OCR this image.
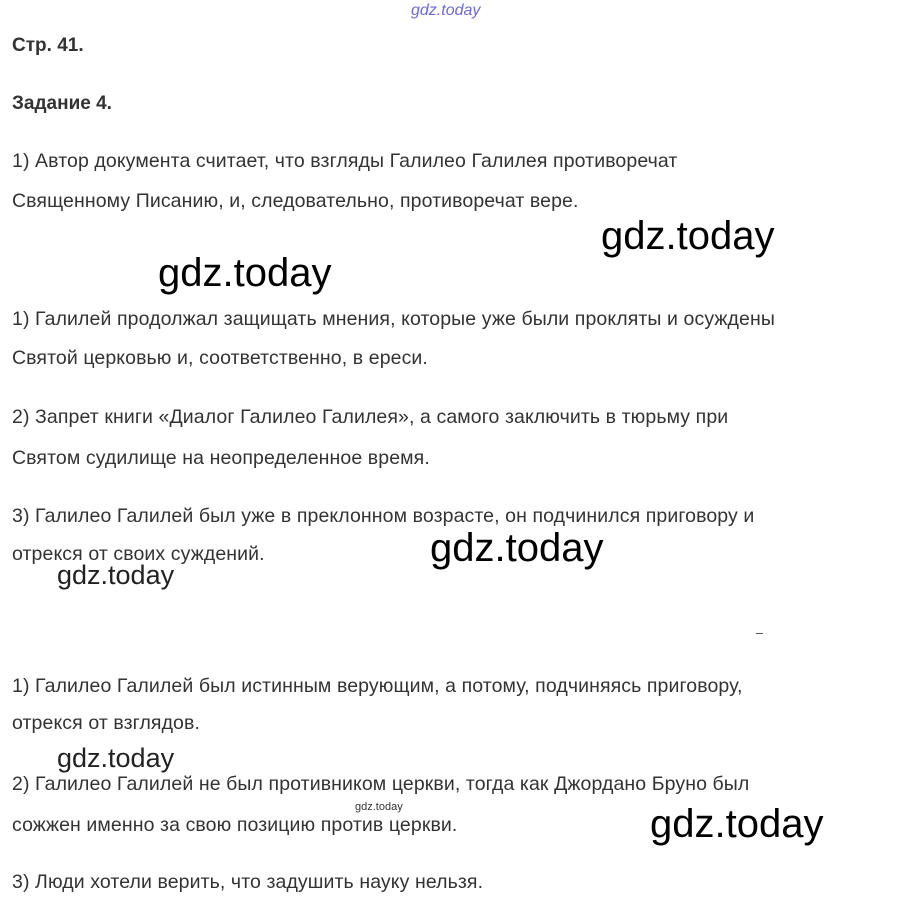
gdz.today
Стр. 41.
Задание 4.
1) Автор документа считает, что взгляды Галилео Галилея противоречат
Священному Писанию, и, следовательно, противоречат вере.
gdz.today
gdz.today
1) Галилей продолжал защищать мнения, которые уже были прокляты и осуждены
Святой церковью и, соответственно, в ереси.
2) Запрет книги «Диалог Галилео Галилея», а самого заключить в тюрьму при
Святом судилище на неопределенное время.
3) Галилео Галилей был уже в преклонном возрасте, он подчинился приговору и
отрекся от своих суждений.	gdz.today
gdz.today
1) Галилео Галилей был истинным верующим, а потому, подчиняясь приговору,
отрекся от взглядов.
gdz.today
2) Галилео Галилей не был противником церкви, тогда как Джордано Бруно был
gdz.today
сожжен именно за свою позицию против церкви.	gdz.today
3) Люди хотели верить, что задушить науку нельзя.
